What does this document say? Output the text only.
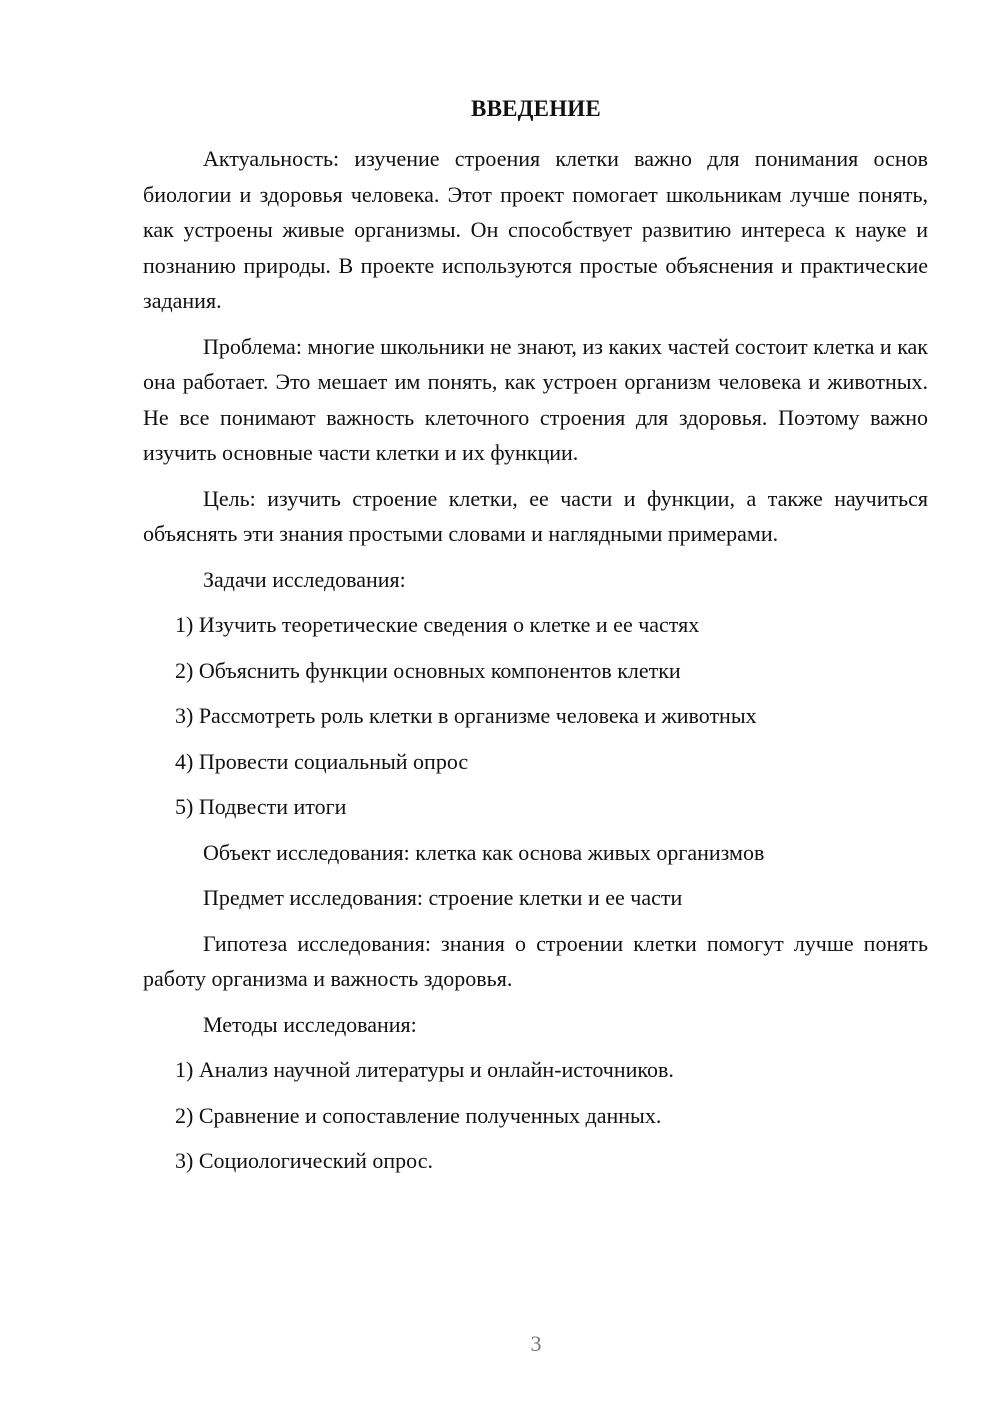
ВВЕДЕНИЕ

Актуальность: изучение строения клетки важно для понимания основ биологии и здоровья человека. Этот проект помогает школьникам лучше понять, как устроены живые организмы. Он способствует развитию интереса к науке и познанию природы. В проекте используются простые объяснения и практические задания.

Проблема: многие школьники не знают, из каких частей состоит клетка и как она работает. Это мешает им понять, как устроен организм человека и животных. Не все понимают важность клеточного строения для здоровья. Поэтому важно изучить основные части клетки и их функции.

Цель: изучить строение клетки, ее части и функции, а также научиться объяснять эти знания простыми словами и наглядными примерами.

Задачи исследования:
1) Изучить теоретические сведения о клетке и ее частях
2) Объяснить функции основных компонентов клетки
3) Рассмотреть роль клетки в организме человека и животных
4) Провести социальный опрос
5) Подвести итоги
Объект исследования: клетка как основа живых организмов
Предмет исследования: строение клетки и ее части

Гипотеза исследования: знания о строении клетки помогут лучше понять работу организма и важность здоровья.

Методы исследования:
1) Анализ научной литературы и онлайн-источников.
2) Сравнение и сопоставление полученных данных.
3) Социологический опрос.
3
